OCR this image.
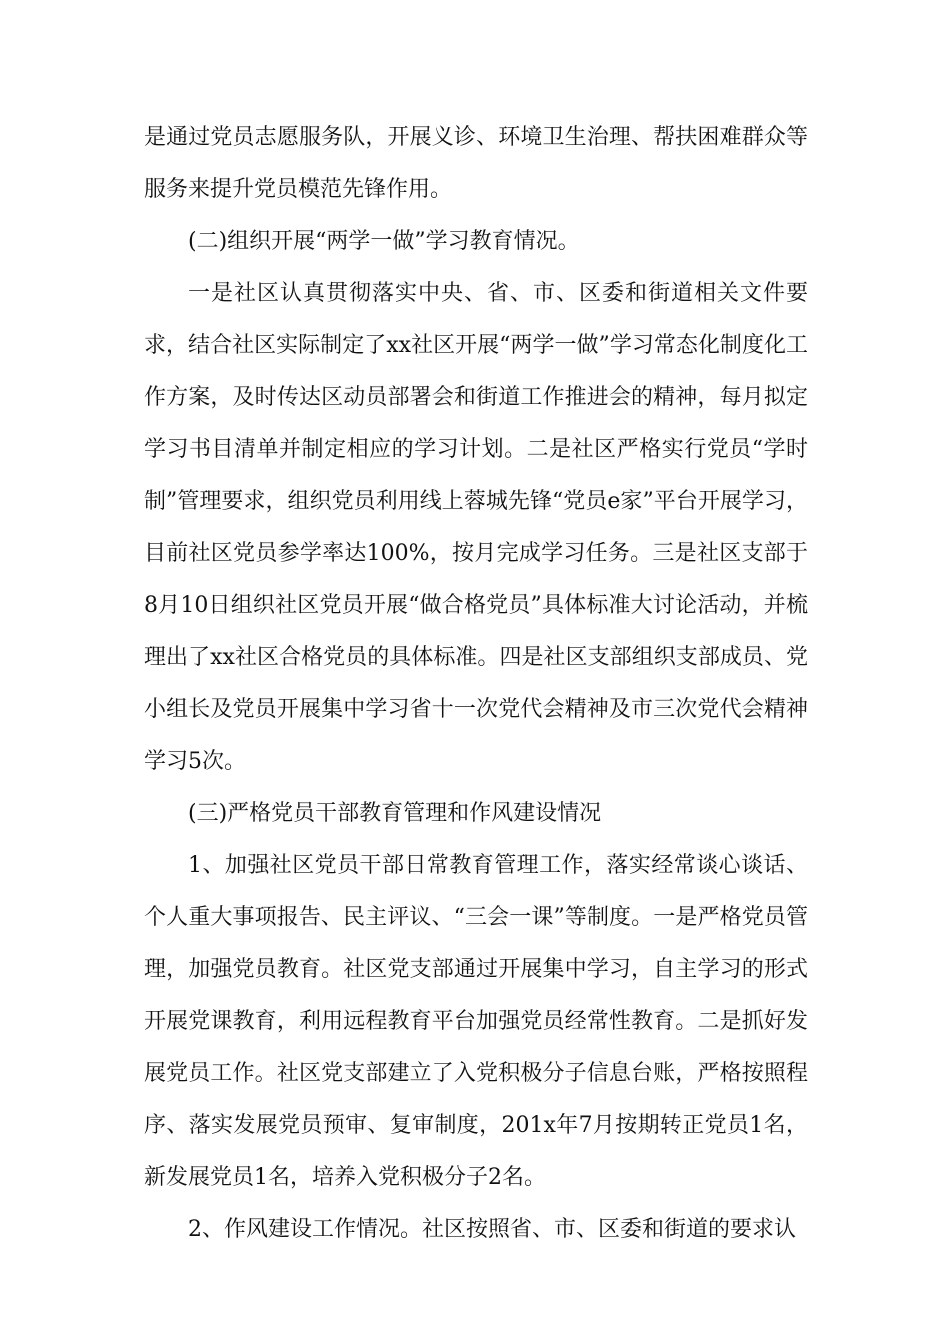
是通过党员志愿服务队，开展义诊、环境卫生治理、帮扶困难群众等服务来提升党员模范先锋作用。

(二)组织开展“两学一做”学习教育情况。

一是社区认真贯彻落实中央、省、市、区委和街道相关文件要求，结合社区实际制定了xx社区开展“两学一做”学习常态化制度化工作方案，及时传达区动员部署会和街道工作推进会的精神，每月拟定学习书目清单并制定相应的学习计划。二是社区严格实行党员“学时制”管理要求，组织党员利用线上蓉城先锋“党员e家”平台开展学习，目前社区党员参学率达100%，按月完成学习任务。三是社区支部于8月10日组织社区党员开展“做合格党员”具体标准大讨论活动，并梳理出了xx社区合格党员的具体标准。四是社区支部组织支部成员、党小组长及党员开展集中学习省十一次党代会精神及市三次党代会精神学习5次。

(三)严格党员干部教育管理和作风建设情况

1、加强社区党员干部日常教育管理工作，落实经常谈心谈话、个人重大事项报告、民主评议、“三会一课”等制度。一是严格党员管理，加强党员教育。社区党支部通过开展集中学习，自主学习的形式开展党课教育，利用远程教育平台加强党员经常性教育。二是抓好发展党员工作。社区党支部建立了入党积极分子信息台账，严格按照程序、落实发展党员预审、复审制度，201x年7月按期转正党员1名，新发展党员1名，培养入党积极分子2名。

2、作风建设工作情况。社区按照省、市、区委和街道的要求认
